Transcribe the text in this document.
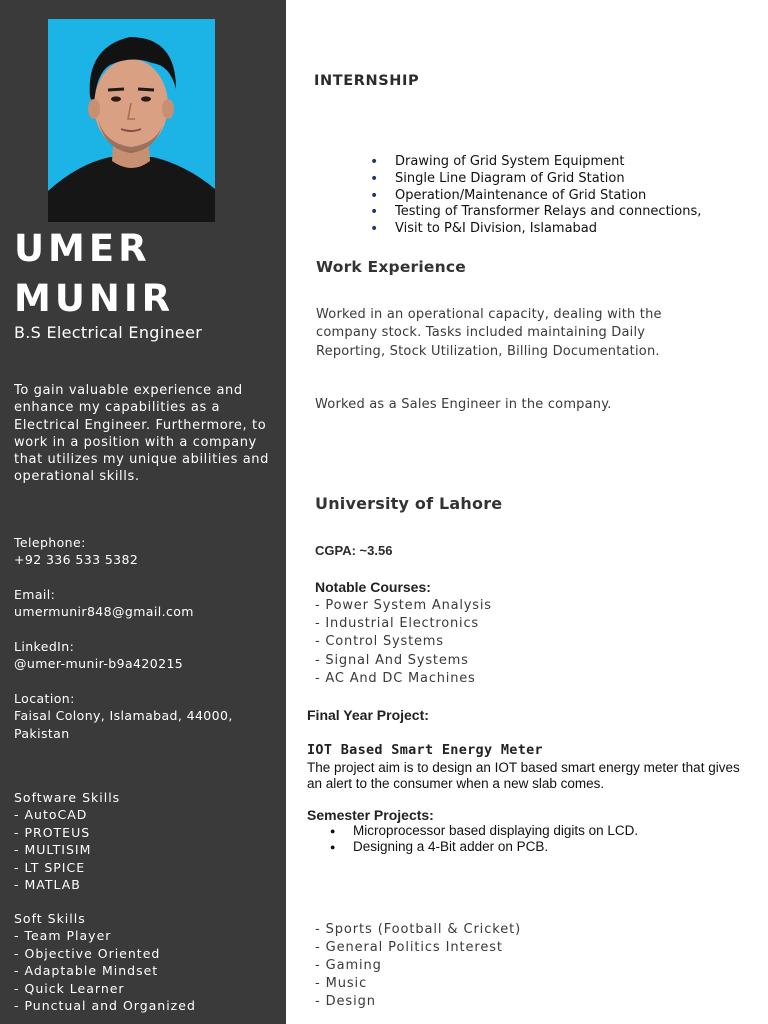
UMER
MUNIR
B.S Electrical Engineer
To gain valuable experience and enhance my capabilities as a Electrical Engineer. Furthermore, to work in a position with a company that utilizes my unique abilities and operational skills.
Telephone:
+92 336 533 5382
Email:
umermunir848@gmail.com
LinkedIn:
@umer-munir-b9a420215
Location:
Faisal Colony, Islamabad, 44000, Pakistan
Software Skills
- AutoCAD
- PROTEUS
- MULTISIM
- LT SPICE
- MATLAB
Soft Skills
- Team Player
- Objective Oriented
- Adaptable Mindset
- Quick Learner
- Punctual and Organized
INTERNSHIP
• Drawing of Grid System Equipment
• Single Line Diagram of Grid Station
• Operation/Maintenance of Grid Station
• Testing of Transformer Relays and connections,
• Visit to P&I Division, Islamabad
Work Experience
Worked in an operational capacity, dealing with the company stock. Tasks included maintaining Daily Reporting, Stock Utilization, Billing Documentation.
Worked as a Sales Engineer in the company.
University of Lahore
CGPA: ~3.56
Notable Courses:
- Power System Analysis
- Industrial Electronics
- Control Systems
- Signal And Systems
- AC And DC Machines
Final Year Project:
IOT Based Smart Energy Meter
The project aim is to design an IOT based smart energy meter that gives an alert to the consumer when a new slab comes.
Semester Projects:
● Microprocessor based displaying digits on LCD.
● Designing a 4-Bit adder on PCB.
- Sports (Football & Cricket)
- General Politics Interest
- Gaming
- Music
- Design
